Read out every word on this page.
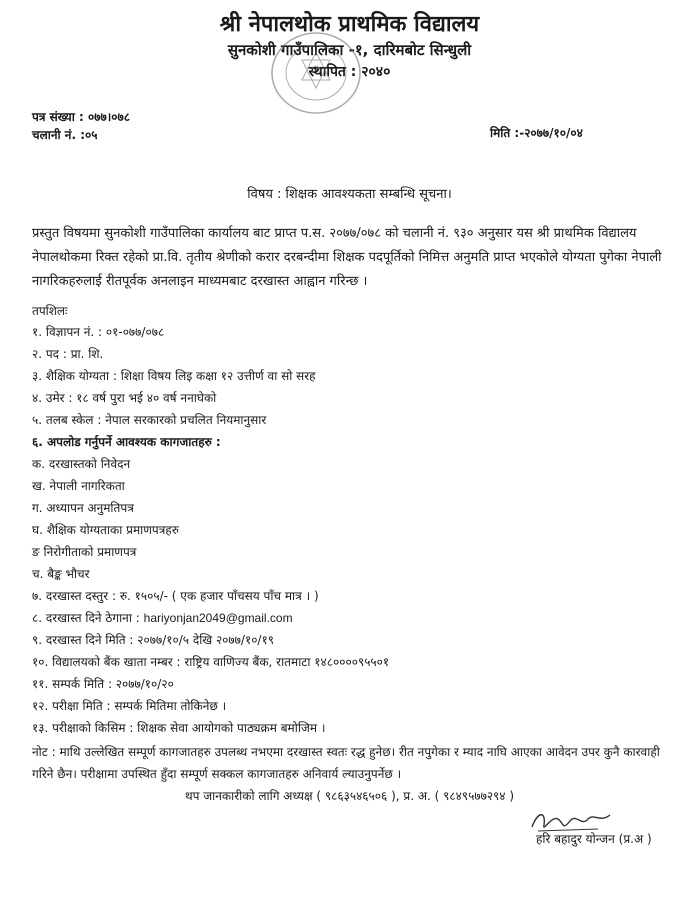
श्री नेपालथोक प्राथमिक विद्यालय
सुनकोशी गाउँपालिका -१, दारिमबोट सिन्धुली
स्थापित : २०४०
पत्र संख्या : ०७७।०७८
चलानी नं. :०५	मिति :-२०७७/१०/०४
विषय : शिक्षक आवश्यकता सम्बन्धि सूचना।
प्रस्तुत विषयमा सुनकोशी गाउँपालिका कार्यालय बाट प्राप्त प.स. २०७७/०७८ को चलानी नं. ९३० अनुसार यस श्री प्राथमिक विद्यालय नेपालथोकमा रिक्त रहेको प्रा.वि. तृतीय श्रेणीको करार दरबन्दीमा शिक्षक पदपूर्तिको निमित्त अनुमति प्राप्त भएकोले योग्यता पुगेका नेपाली नागरिकहरुलाई रीतपूर्वक अनलाइन माध्यमबाट दरखास्त आह्वान गरिन्छ ।
तपशिलः
१. विज्ञापन नं. : ०१-०७७/०७८
२. पद : प्रा. शि.
३. शैक्षिक योग्यता : शिक्षा विषय लिइ कक्षा १२ उत्तीर्ण वा सो सरह
४. उमेर : १८ वर्ष पुरा भई ४० वर्ष ननाघेको
५. तलब स्केल : नेपाल सरकारको प्रचलित नियमानुसार
६. अपलोड गर्नुपर्ने आवश्यक कागजातहरु :
क. दरखास्तको निवेदन
ख. नेपाली नागरिकता
ग. अध्यापन अनुमतिपत्र
घ. शैक्षिक योग्यताका प्रमाणपत्रहरु
ङ निरोगीताको प्रमाणपत्र
च. बैङ्क भौचर
७. दरखास्त दस्तुर : रु. १५०५/- ( एक हजार पाँचसय पाँच मात्र । )
८. दरखास्त दिने ठेगाना : hariyonjan2049@gmail.com
९. दरखास्त दिने मिति : २०७७/१०/५ देखि २०७७/१०/१९
१०. विद्यालयको बैंक खाता नम्बर : राष्ट्रिय वाणिज्य बैंक, रातमाटा १४८००००९५५०१
११. सम्पर्क मिति : २०७७/१०/२०
१२. परीक्षा मिति : सम्पर्क मितिमा तोकिनेछ ।
१३. परीक्षाको किसिम : शिक्षक सेवा आयोगको पाठ्यक्रम बमोजिम ।
नोट : माथि उल्लेखित सम्पूर्ण कागजातहरु उपलब्ध नभएमा दरखास्त स्वतः रद्ध हुनेछ। रीत नपुगेका र म्याद नाघि आएका आवेदन उपर कुनै कारवाही गरिने छैन। परीक्षामा उपस्थित हुँदा सम्पूर्ण सक्कल कागजातहरु अनिवार्य ल्याउनुपर्नेछ ।
थप जानकारीको लागि अध्यक्ष ( ९८६३५४६५०६ ), प्र. अ. ( ९८४९५७७२९४ )
हरि बहादुर योन्जन (प्र.अ )
